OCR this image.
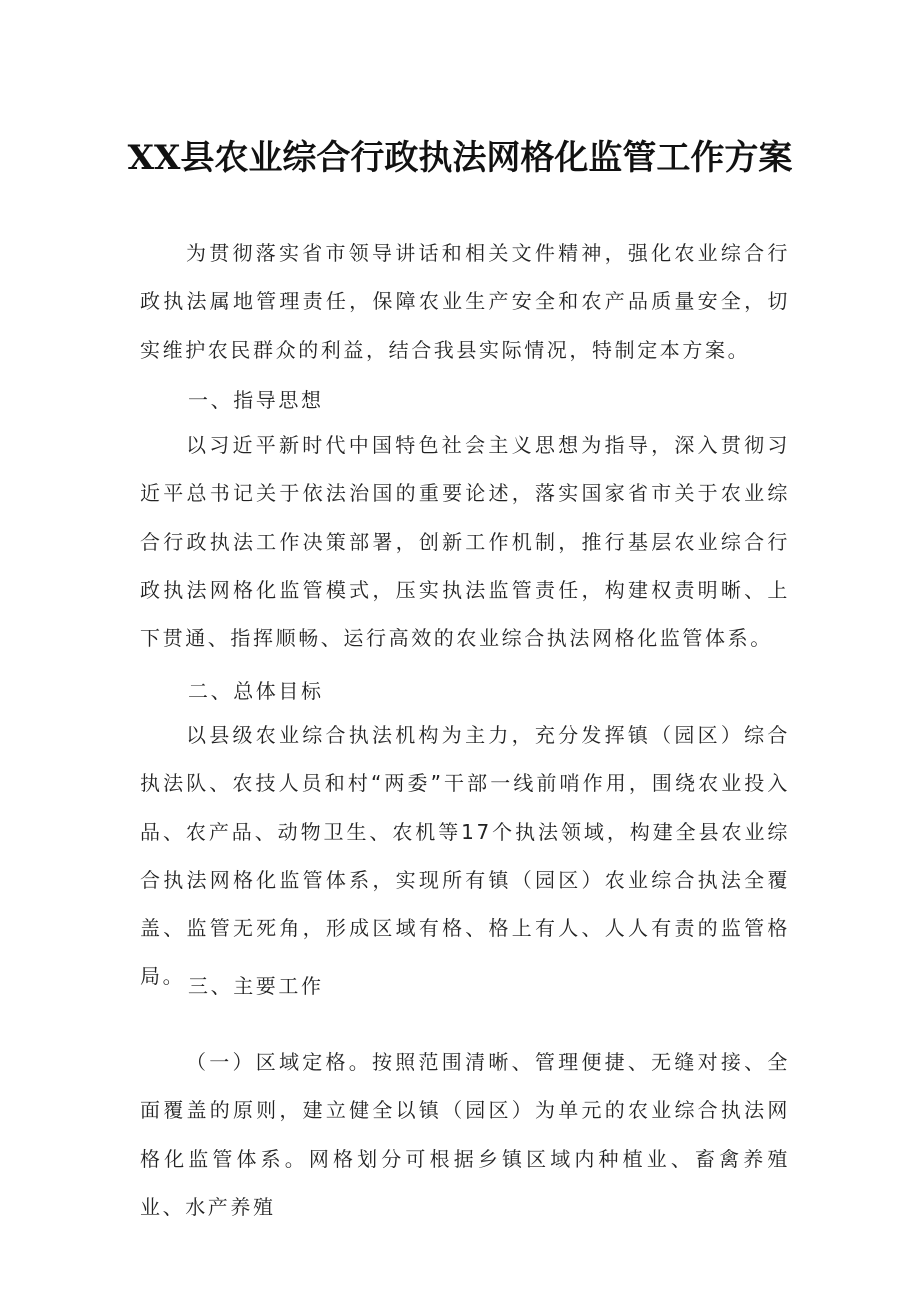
XX县农业综合行政执法网格化监管工作方案

为贯彻落实省市领导讲话和相关文件精神，强化农业综合行政执法属地管理责任，保障农业生产安全和农产品质量安全，切实维护农民群众的利益，结合我县实际情况，特制定本方案。

一、指导思想

以习近平新时代中国特色社会主义思想为指导，深入贯彻习近平总书记关于依法治国的重要论述，落实国家省市关于农业综合行政执法工作决策部署，创新工作机制，推行基层农业综合行政执法网格化监管模式，压实执法监管责任，构建权责明晰、上下贯通、指挥顺畅、运行高效的农业综合执法网格化监管体系。

二、总体目标

以县级农业综合执法机构为主力，充分发挥镇（园区）综合执法队、农技人员和村“两委”干部一线前哨作用，围绕农业投入品、农产品、动物卫生、农机等17个执法领域，构建全县农业综合执法网格化监管体系，实现所有镇（园区）农业综合执法全覆盖、监管无死角，形成区域有格、格上有人、人人有责的监管格局。 三、主要工作

（一）区域定格。按照范围清晰、管理便捷、无缝对接、全面覆盖的原则，建立健全以镇（园区）为单元的农业综合执法网格化监管体系。网格划分可根据乡镇区域内种植业、畜禽养殖业、水产养殖
